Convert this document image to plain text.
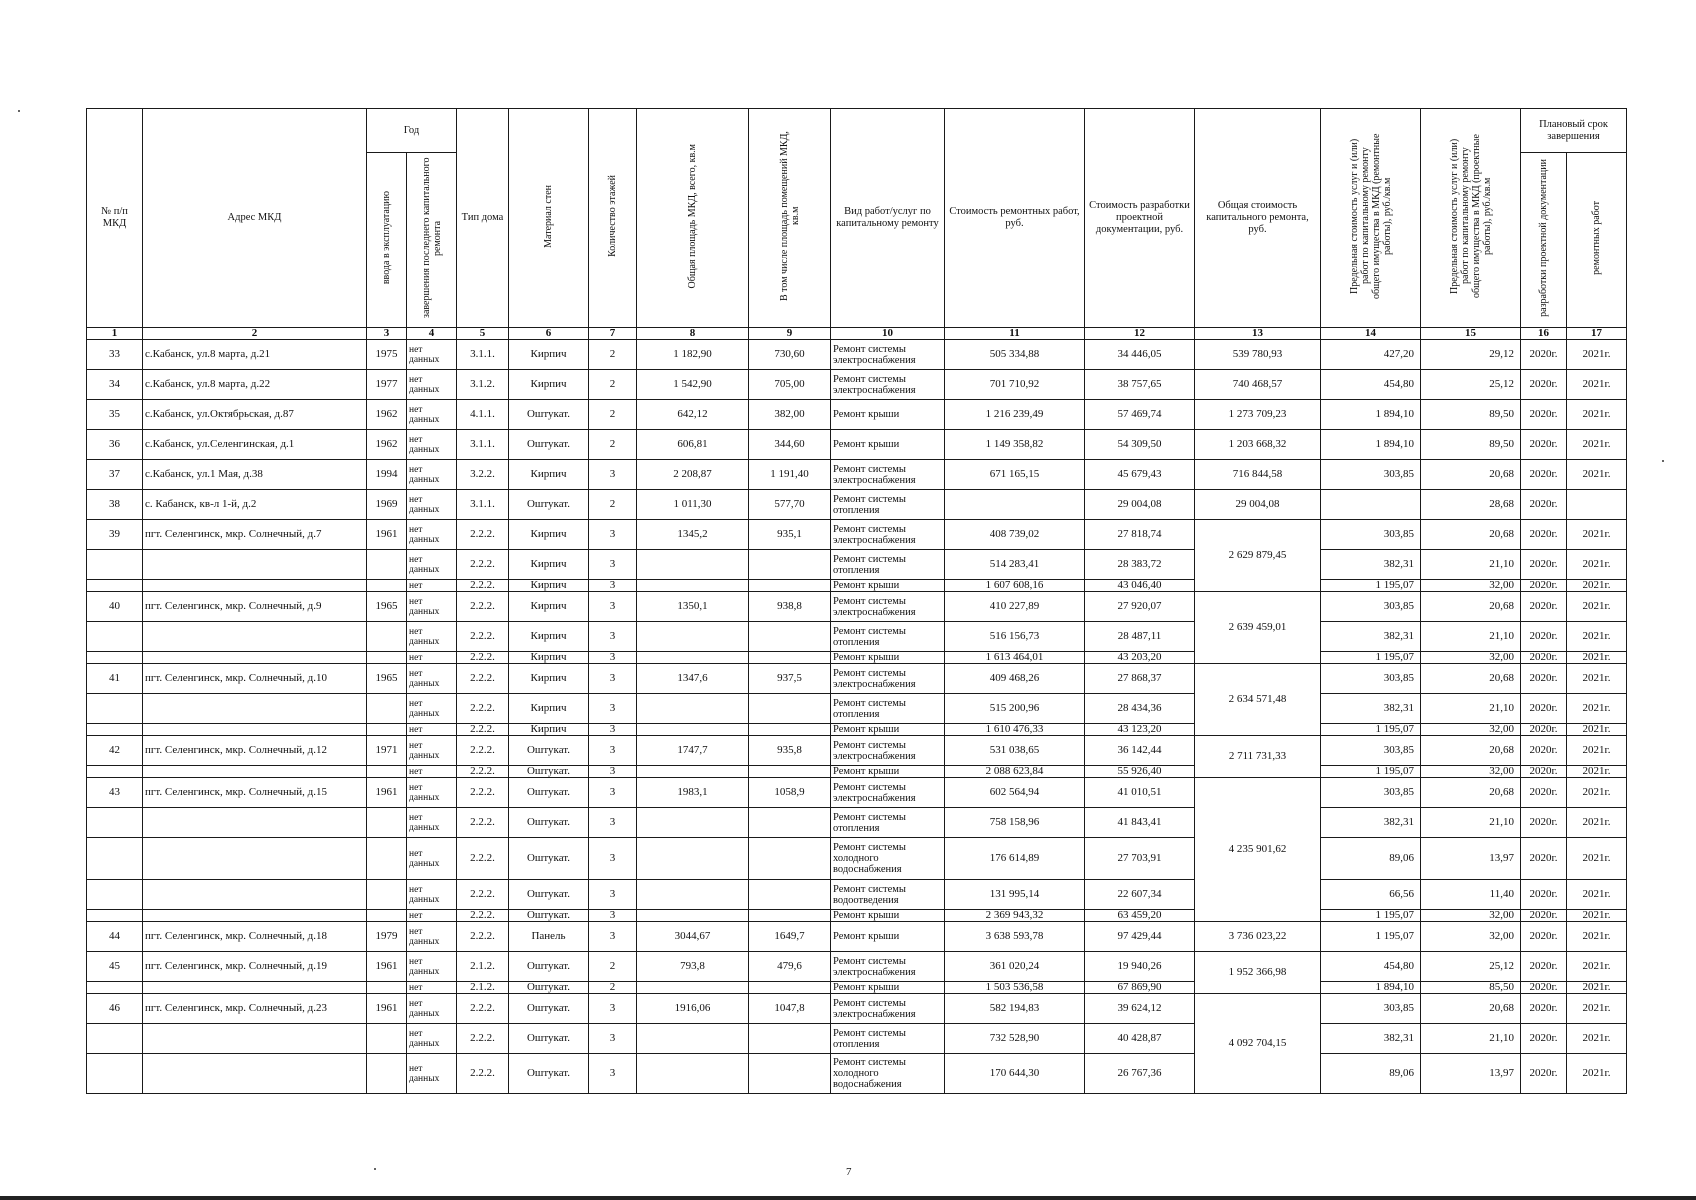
№ п/п МКД	Адрес МКД	Год		Тип дома	Материал стен	Количество этажей	Общая площадь МКД, всего, кв.м	В том числе площадь помещений МКД, кв.м	Вид работ/услуг по капитальному ремонту	Стоимость ремонтных работ, руб.	Стоимость разработки проектной документации, руб.	Общая стоимость капитального ремонта, руб.	Предельная стоимость услуг и (или) работ по капитальному ремонту общего имущества в МКД (ремонтные работы), руб./кв.м	Предельная стоимость услуг и (или) работ по капитальному ремонту общего имущества в МКД (проектные работы), руб./кв.м	Плановый срок завершения	
		ввода в эксплуатацию	завершения последнего капитального ремонта												разработки проектной документации	ремонтных работ
1	2	3	4	5	6	7	8	9	10	11	12	13	14	15	16	17
33	с.Кабанск, ул.8 марта, д.21	1975	нет данных	3.1.1.	Кирпич	2	1 182,90	730,60	Ремонт системы электроснабжения	505 334,88	34 446,05	539 780,93	427,20	29,12	2020г.	2021г.
34	с.Кабанск, ул.8 марта, д.22	1977	нет данных	3.1.2.	Кирпич	2	1 542,90	705,00	Ремонт системы электроснабжения	701 710,92	38 757,65	740 468,57	454,80	25,12	2020г.	2021г.
35	с.Кабанск, ул.Октябрьская, д.87	1962	нет данных	4.1.1.	Оштукат.	2	642,12	382,00	Ремонт крыши	1 216 239,49	57 469,74	1 273 709,23	1 894,10	89,50	2020г.	2021г.
36	с.Кабанск, ул.Селенгинская, д.1	1962	нет данных	3.1.1.	Оштукат.	2	606,81	344,60	Ремонт крыши	1 149 358,82	54 309,50	1 203 668,32	1 894,10	89,50	2020г.	2021г.
37	с.Кабанск, ул.1 Мая, д.38	1994	нет данных	3.2.2.	Кирпич	3	2 208,87	1 191,40	Ремонт системы электроснабжения	671 165,15	45 679,43	716 844,58	303,85	20,68	2020г.	2021г.
38	с. Кабанск, кв-л 1-й, д.2	1969	нет данных	3.1.1.	Оштукат.	2	1 011,30	577,70	Ремонт системы отопления		29 004,08	29 004,08		28,68	2020г.	
39	пгт. Селенгинск, мкр. Солнечный, д.7	1961	нет данных	2.2.2.	Кирпич	3	1345,2	935,1	Ремонт системы электроснабжения	408 739,02	27 818,74	2 629 879,45	303,85	20,68	2020г.	2021г.
			нет данных	2.2.2.	Кирпич	3			Ремонт системы отопления	514 283,41	28 383,72		382,31	21,10	2020г.	2021г.
			нет	2.2.2.	Кирпич	3			Ремонт крыши	1 607 608,16	43 046,40		1 195,07	32,00	2020г.	2021г.
40	пгт. Селенгинск, мкр. Солнечный, д.9	1965	нет данных	2.2.2.	Кирпич	3	1350,1	938,8	Ремонт системы электроснабжения	410 227,89	27 920,07	2 639 459,01	303,85	20,68	2020г.	2021г.
			нет данных	2.2.2.	Кирпич	3			Ремонт системы отопления	516 156,73	28 487,11		382,31	21,10	2020г.	2021г.
			нет	2.2.2.	Кирпич	3			Ремонт крыши	1 613 464,01	43 203,20		1 195,07	32,00	2020г.	2021г.
41	пгт. Селенгинск, мкр. Солнечный, д.10	1965	нет данных	2.2.2.	Кирпич	3	1347,6	937,5	Ремонт системы электроснабжения	409 468,26	27 868,37	2 634 571,48	303,85	20,68	2020г.	2021г.
			нет данных	2.2.2.	Кирпич	3			Ремонт системы отопления	515 200,96	28 434,36		382,31	21,10	2020г.	2021г.
			нет	2.2.2.	Кирпич	3			Ремонт крыши	1 610 476,33	43 123,20		1 195,07	32,00	2020г.	2021г.
42	пгт. Селенгинск, мкр. Солнечный, д.12	1971	нет данных	2.2.2.	Оштукат.	3	1747,7	935,8	Ремонт системы электроснабжения	531 038,65	36 142,44	2 711 731,33	303,85	20,68	2020г.	2021г.
			нет	2.2.2.	Оштукат.	3			Ремонт крыши	2 088 623,84	55 926,40		1 195,07	32,00	2020г.	2021г.
43	пгт. Селенгинск, мкр. Солнечный, д.15	1961	нет данных	2.2.2.	Оштукат.	3	1983,1	1058,9	Ремонт системы электроснабжения	602 564,94	41 010,51	4 235 901,62	303,85	20,68	2020г.	2021г.
			нет данных	2.2.2.	Оштукат.	3			Ремонт системы отопления	758 158,96	41 843,41		382,31	21,10	2020г.	2021г.
			нет данных	2.2.2.	Оштукат.	3			Ремонт системы холодного водоснабжения	176 614,89	27 703,91		89,06	13,97	2020г.	2021г.
			нет данных	2.2.2.	Оштукат.	3			Ремонт системы водоотведения	131 995,14	22 607,34		66,56	11,40	2020г.	2021г.
			нет	2.2.2.	Оштукат.	3			Ремонт крыши	2 369 943,32	63 459,20		1 195,07	32,00	2020г.	2021г.
44	пгт. Селенгинск, мкр. Солнечный, д.18	1979	нет данных	2.2.2.	Панель	3	3044,67	1649,7	Ремонт крыши	3 638 593,78	97 429,44	3 736 023,22	1 195,07	32,00	2020г.	2021г.
45	пгт. Селенгинск, мкр. Солнечный, д.19	1961	нет данных	2.1.2.	Оштукат.	2	793,8	479,6	Ремонт системы электроснабжения	361 020,24	19 940,26	1 952 366,98	454,80	25,12	2020г.	2021г.
			нет	2.1.2.	Оштукат.	2			Ремонт крыши	1 503 536,58	67 869,90		1 894,10	85,50	2020г.	2021г.
46	пгт. Селенгинск, мкр. Солнечный, д.23	1961	нет данных	2.2.2.	Оштукат.	3	1916,06	1047,8	Ремонт системы электроснабжения	582 194,83	39 624,12	4 092 704,15	303,85	20,68	2020г.	2021г.
			нет данных	2.2.2.	Оштукат.	3			Ремонт системы отопления	732 528,90	40 428,87		382,31	21,10	2020г.	2021г.
			нет данных	2.2.2.	Оштукат.	3			Ремонт системы холодного водоснабжения	170 644,30	26 767,36		89,06	13,97	2020г.	2021г.
7
